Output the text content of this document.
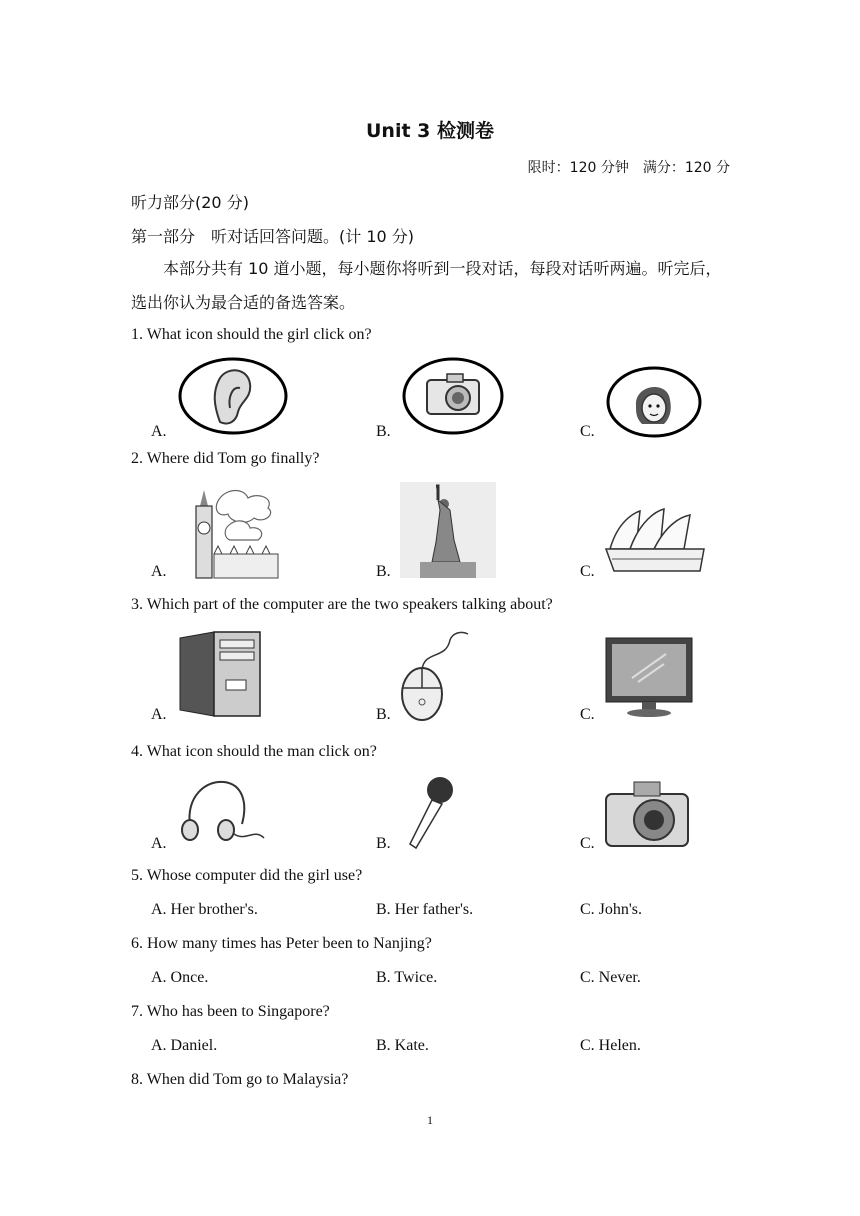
Unit 3 检测卷
限时：120 分钟　满分：120 分
听力部分(20 分)
第一部分　听对话回答问题。(计 10 分)
本部分共有 10 道小题，每小题你将听到一段对话，每段对话听两遍。听完后，选出你认为最合适的备选答案。
1. What icon should the girl click on?
A.	B.	C.
2. Where did Tom go finally?
A.	B.	C.
3. Which part of the computer are the two speakers talking about?
A.	B.	C.
4. What icon should the man click on?
A.	B.	C.
5. Whose computer did the girl use?
A. Her brother's.	B. Her father's.	C. John's.
6. How many times has Peter been to Nanjing?
A. Once.	B. Twice.	C. Never.
7. Who has been to Singapore?
A. Daniel.	B. Kate.	C. Helen.
8. When did Tom go to Malaysia?
1
